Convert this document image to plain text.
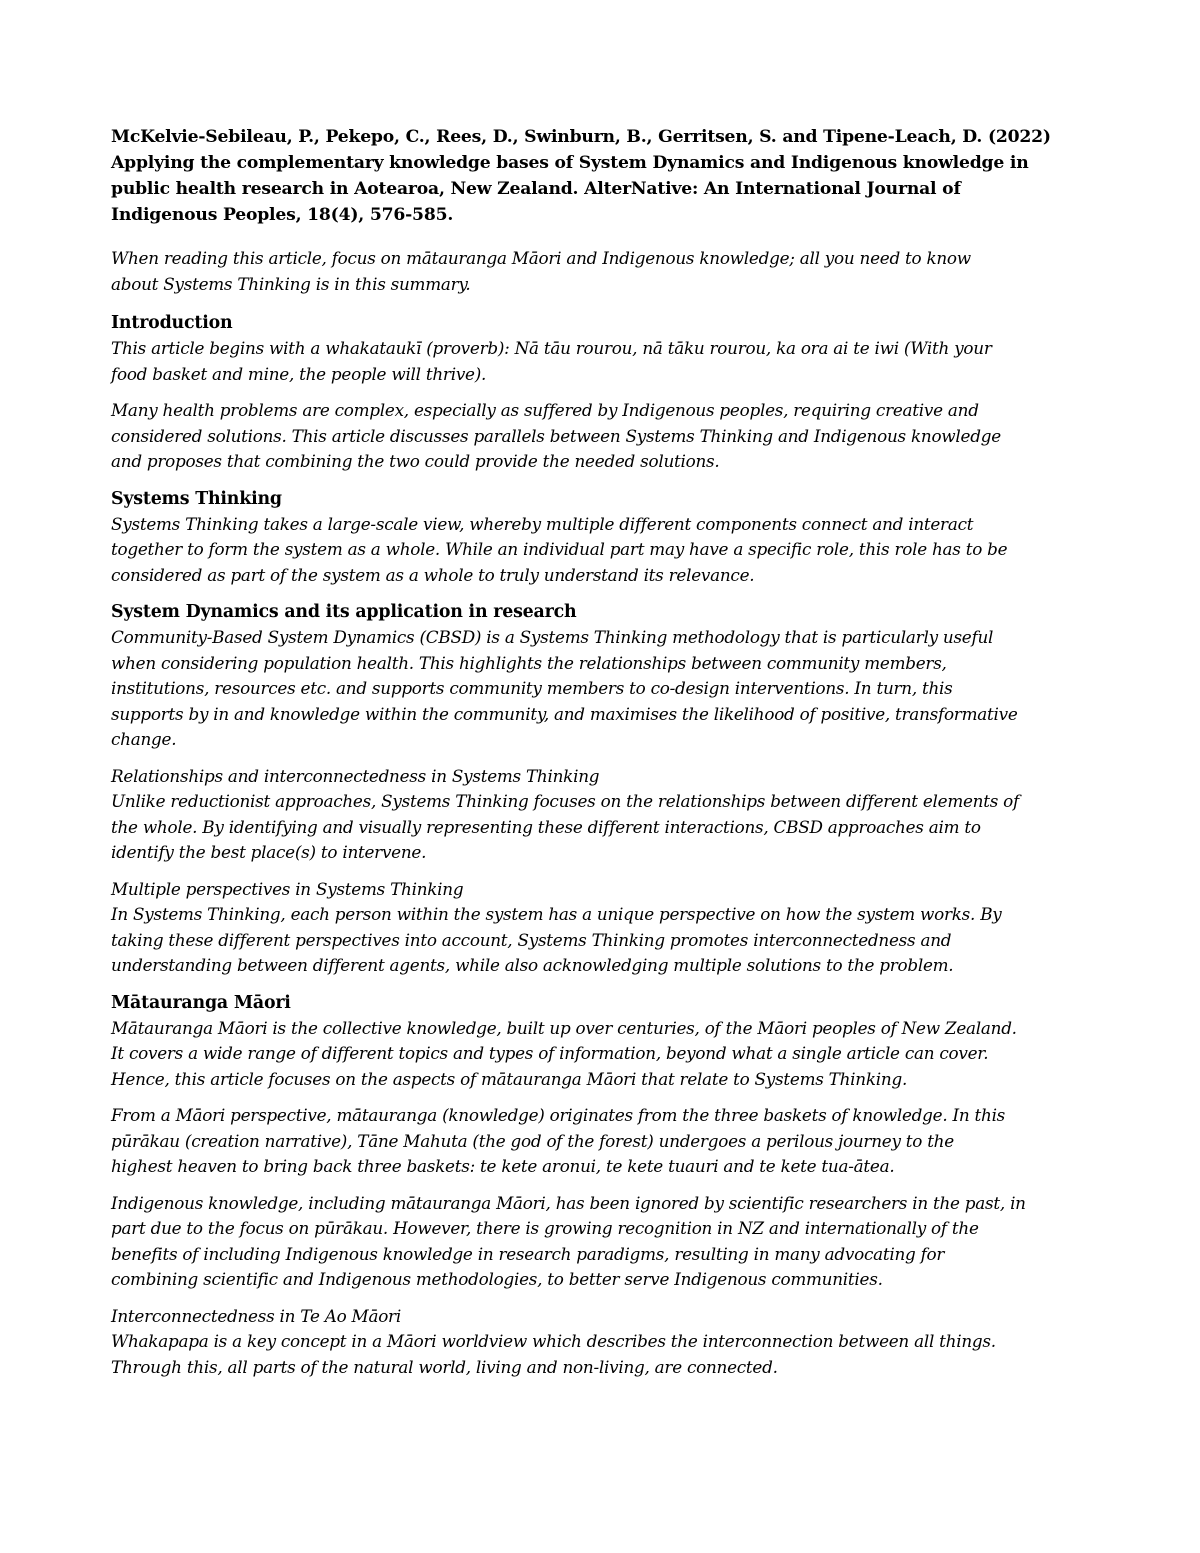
McKelvie-Sebileau, P., Pekepo, C., Rees, D., Swinburn, B., Gerritsen, S. and Tipene-Leach, D. (2022)
Applying the complementary knowledge bases of System Dynamics and Indigenous knowledge in
public health research in Aotearoa, New Zealand. AlterNative: An International Journal of
Indigenous Peoples, 18(4), 576-585.
When reading this article, focus on mātauranga Māori and Indigenous knowledge; all you need to know
about Systems Thinking is in this summary.
Introduction

This article begins with a whakataukī (proverb): Nā tāu rourou, nā tāku rourou, ka ora ai te iwi (With your
food basket and mine, the people will thrive).

Many health problems are complex, especially as suffered by Indigenous peoples, requiring creative and
considered solutions. This article discusses parallels between Systems Thinking and Indigenous knowledge
and proposes that combining the two could provide the needed solutions.

Systems Thinking

Systems Thinking takes a large-scale view, whereby multiple different components connect and interact
together to form the system as a whole. While an individual part may have a specific role, this role has to be
considered as part of the system as a whole to truly understand its relevance.

System Dynamics and its application in research

Community-Based System Dynamics (CBSD) is a Systems Thinking methodology that is particularly useful
when considering population health. This highlights the relationships between community members,
institutions, resources etc. and supports community members to co-design interventions. In turn, this
supports by in and knowledge within the community, and maximises the likelihood of positive, transformative
change.

Relationships and interconnectedness in Systems Thinking
Unlike reductionist approaches, Systems Thinking focuses on the relationships between different elements of
the whole. By identifying and visually representing these different interactions, CBSD approaches aim to
identify the best place(s) to intervene.

Multiple perspectives in Systems Thinking
In Systems Thinking, each person within the system has a unique perspective on how the system works. By
taking these different perspectives into account, Systems Thinking promotes interconnectedness and
understanding between different agents, while also acknowledging multiple solutions to the problem.

Mātauranga Māori

Mātauranga Māori is the collective knowledge, built up over centuries, of the Māori peoples of New Zealand.
It covers a wide range of different topics and types of information, beyond what a single article can cover.
Hence, this article focuses on the aspects of mātauranga Māori that relate to Systems Thinking.

From a Māori perspective, mātauranga (knowledge) originates from the three baskets of knowledge. In this
pūrākau (creation narrative), Tāne Mahuta (the god of the forest) undergoes a perilous journey to the
highest heaven to bring back three baskets: te kete aronui, te kete tuauri and te kete tua-ātea.

Indigenous knowledge, including mātauranga Māori, has been ignored by scientific researchers in the past, in
part due to the focus on pūrākau. However, there is growing recognition in NZ and internationally of the
benefits of including Indigenous knowledge in research paradigms, resulting in many advocating for
combining scientific and Indigenous methodologies, to better serve Indigenous communities.

Interconnectedness in Te Ao Māori
Whakapapa is a key concept in a Māori worldview which describes the interconnection between all things.
Through this, all parts of the natural world, living and non-living, are connected.
